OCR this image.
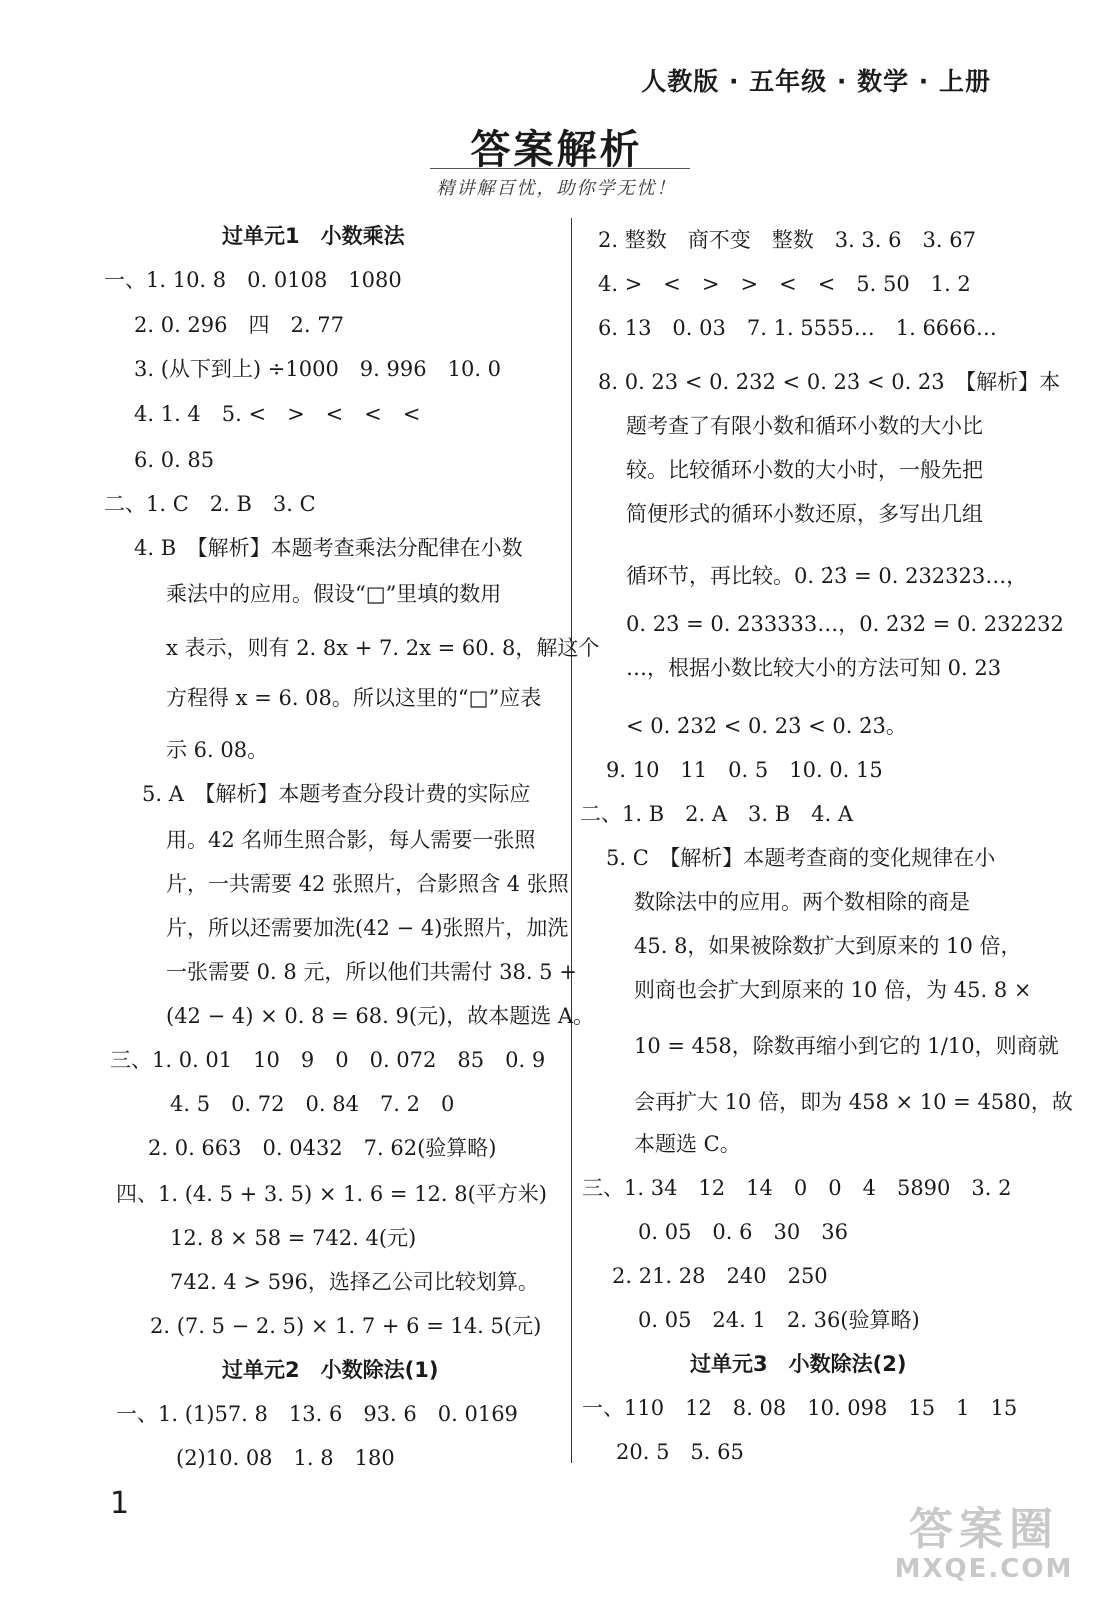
人教版 · 五年级 · 数学 · 上册
答案解析
精讲解百忧，助你学无忧！
过单元1　小数乘法
一、1. 10. 8　0. 0108　1080
2. 0. 296　四　2. 77
3. (从下到上) ÷1000　9. 996　10. 0
4. 1. 4　5. <　>　<　<　<
6. 0. 85
二、1. C　2. B　3. C
4. B　【解析】本题考查乘法分配律在小数
乘法中的应用。假设“□”里填的数用
x 表示，则有 2. 8x + 7. 2x = 60. 8，解这个
方程得 x = 6. 08。所以这里的“□”应表
示 6. 08。
5. A　【解析】本题考查分段计费的实际应
用。42 名师生照合影，每人需要一张照
片，一共需要 42 张照片，合影照含 4 张照
片，所以还需要加洗(42 − 4)张照片，加洗
一张需要 0. 8 元，所以他们共需付 38. 5 +
(42 − 4) × 0. 8 = 68. 9(元)，故本题选 A。
三、1. 0. 01　10　9　0　0. 072　85　0. 9
4. 5　0. 72　0. 84　7. 2　0
2. 0. 663　0. 0432　7. 62(验算略)
四、1. (4. 5 + 3. 5) × 1. 6 = 12. 8(平方米)
12. 8 × 58 = 742. 4(元)
742. 4 > 596，选择乙公司比较划算。
2. (7. 5 − 2. 5) × 1. 7 + 6 = 14. 5(元)
过单元2　小数除法(1)
一、1. (1)57. 8　13. 6　93. 6　0. 0169
(2)10. 08　1. 8　180
2. 整数　商不变　整数　3. 3. 6　3. 67
4. >　<　>　>　<　<　5. 50　1. 2
6. 13　0. 03　7. 1. 5555…　1. 6666…
8. 0. 23 < 0. 2̇32̇ < 0. 23̇ < 0. 2̇3̇　【解析】本
题考查了有限小数和循环小数的大小比
较。比较循环小数的大小时，一般先把
简便形式的循环小数还原，多写出几组
循环节，再比较。0. 2̇3̇ = 0. 232323…，
0. 23̇ = 0. 233333…，0. 2̇32̇ = 0. 232232
…，根据小数比较大小的方法可知 0. 23
< 0. 2̇32̇ < 0. 23̇ < 0. 2̇3̇。
9. 10　11　0. 5　10. 0. 15
二、1. B　2. A　3. B　4. A
5. C　【解析】本题考查商的变化规律在小
数除法中的应用。两个数相除的商是
45. 8，如果被除数扩大到原来的 10 倍，
则商也会扩大到原来的 10 倍，为 45. 8 ×
10 = 458，除数再缩小到它的 1/10，则商就
会再扩大 10 倍，即为 458 × 10 = 4580，故
本题选 C。
三、1. 34　12　14　0　0　4　5890　3. 2
0. 05　0. 6　30　36
2. 21. 28　240　250
0. 05　24. 1　2. 36(验算略)
过单元3　小数除法(2)
一、110　12　8. 08　10. 098　15　1　15
20. 5　5. 65
1
答案圈
MXQE.COM
